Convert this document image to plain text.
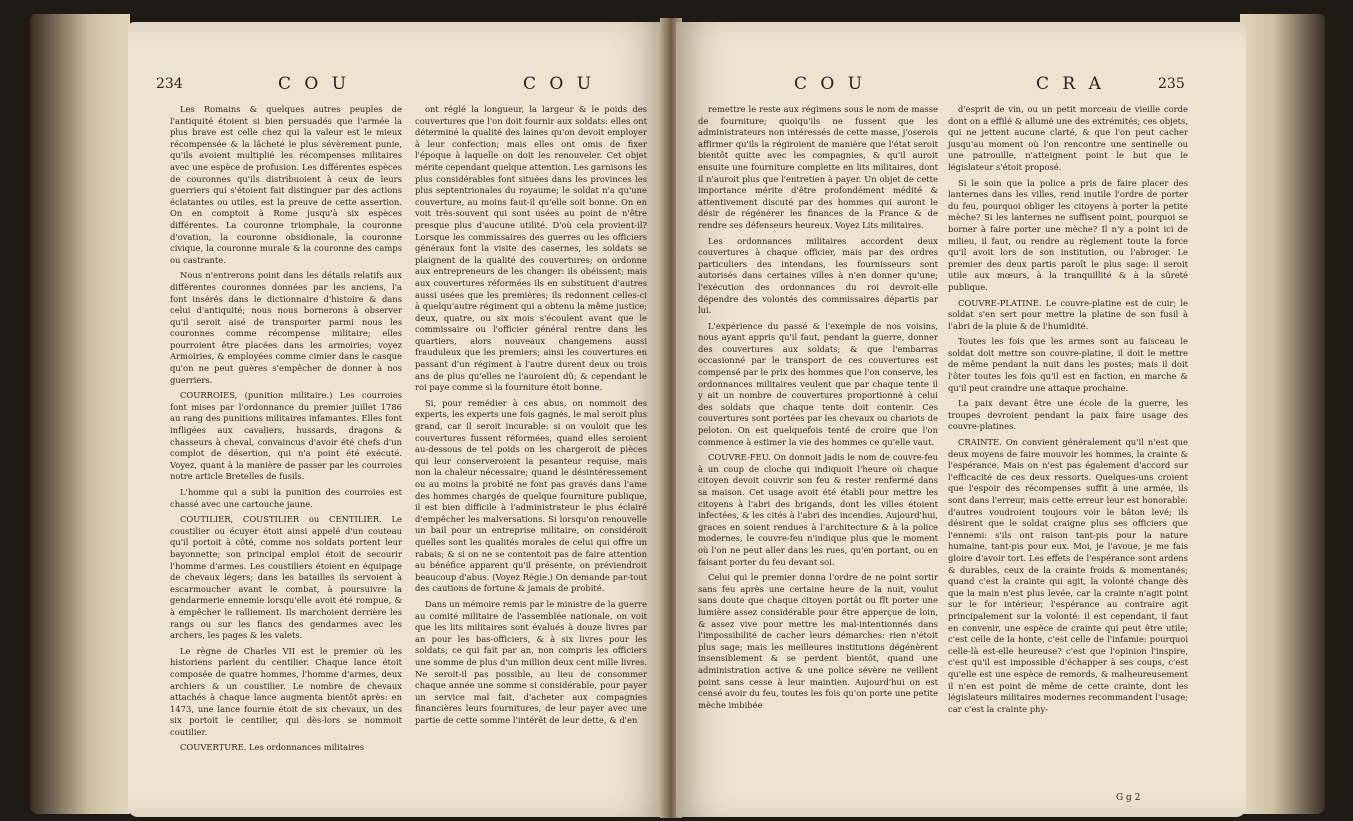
234	C O U	C O U

Les Romains & quelques autres peuples de l'antiquité étoient si bien persuadés que l'armée la plus brave est celle chez qui la valeur est le mieux récompensée & la lâcheté le plus sévèrement punie, qu'ils avoient multiplié les récompenses militaires avec une espèce de profusion. Les différentes espèces de couronnes qu'ils distribuoient à ceux de leurs guerriers qui s'étoient fait distinguer par des actions éclatantes ou utiles, est la preuve de cette assertion. On en comptoit à Rome jusqu'à six espèces différentes. La couronne triomphale, la couronne d'ovation, la couronne obsidionale, la couronne civique, la couronne murale & la couronne des camps ou castrante.

Nous n'entrerons point dans les détails relatifs aux différentes couronnes données par les anciens, l'a font insérés dans le dictionnaire d'histoire & dans celui d'antiquité; nous nous bornerons à observer qu'il seroit aisé de transporter parmi nous les couronnes comme récompense militaire; elles pourroient être placées dans les armoiries; voyez Armoiries, & employées comme cimier dans le casque qu'on ne peut guères s'empêcher de donner à nos guerriers.

COURROIES, (punition militaire.) Les courroies font mises par l'ordonnance du premier juillet 1786 au rang des punitions militaires infamantes. Elles font infligées aux cavaliers, hussards, dragons & chasseurs à cheval, convaincus d'avoir été chefs d'un complot de désertion, qui n'a point été exécuté. Voyez, quant à la manière de passer par les courroies notre article Bretelles de fusils.

L'homme qui a subi la punition des courroies est chassé avec une cartouche jaune.

COUTILIER, COUSTILIER ou CENTILIER. Le coustilier ou écuyer étoit ainsi appelé d'un couteau qu'il portoit à côté, comme nos soldats portent leur bayonnette; son principal emploi étoit de secourir l'homme d'armes. Les coustiliers étoient en équipage de chevaux légers; dans les batailles ils servoient à escarmoucher avant le combat, à poursuivre la gendarmerie ennemie lorsqu'elle avoit été rompue, & à empêcher le ralliement. Ils marchoient derrière les rangs ou sur les flancs des gendarmes avec les archers, les pages & les valets.

Le règne de Charles VII est le premier où les historiens parlent du centilier. Chaque lance étoit composée de quatre hommes, l'homme d'armes, deux archiers & un coustilier. Le nombre de chevaux attachés à chaque lance augmenta bientôt après: en 1473, une lance fournie étoit de six chevaux, un des six portoit le centilier, qui dès-lors se nommoit coutilier.

COUVERTURE. Les ordonnances militaires

ont réglé la longueur, la largeur & le poids des couvertures que l'on doit fournir aux soldats: elles ont déterminé la qualité des laines qu'on devoit employer à leur confection; mais elles ont omis de fixer l'époque à laquelle on doit les renouveler. Cet objet mérite cependant quelque attention. Les garnisons les plus considérables font situées dans les provinces les plus septentrionales du royaume; le soldat n'a qu'une couverture, au moins faut-il qu'elle soit bonne. On en voit très-souvent qui sont usées au point de n'être presque plus d'aucune utilité. D'où cela provient-il? Lorsque les commissaires des guerres ou les officiers généraux font la visite des casernes, les soldats se plaignent de la qualité des couvertures; on ordonne aux entrepreneurs de les changer: ils obéissent; mais aux couvertures réformées ils en substituent d'autres aussi usées que les premières; ils redonnent celles-ci à quelqu'autre régiment qui a obtenu la même justice; deux, quatre, ou six mois s'écoulent avant que le commissaire ou l'officier général rentre dans les quartiers, alors nouveaux changemens aussi frauduleux que les premiers; ainsi les couvertures en passant d'un régiment à l'autre durent deux ou trois ans de plus qu'elles ne l'auroient dû; & cependant le roi paye comme si la fourniture étoit bonne.

Si, pour remédier à ces abus, on nommoit des experts, les experts une fois gagnés, le mal seroit plus grand, car il seroit incurable: si on vouloit que les couvertures fussent réformées, quand elles seroient au-dessous de tel poids on les chargeroit de pièces qui leur conserveroient la pesanteur requise, mais non la chaleur nécessaire; quand le désintéressement ou au moins la probité ne font pas gravés dans l'ame des hommes chargés de quelque fourniture publique, il est bien difficile à l'administrateur le plus éclairé d'empêcher les malversations. Si lorsqu'on renouvelle un bail pour un entreprise militaire, on considéroit quelles sont les qualités morales de celui qui offre un rabais; & si on ne se contentoit pas de faire attention au bénéfice apparent qu'il présente, on préviendroit beaucoup d'abus. (Voyez Régie.) On demande par-tout des cautions de fortune & jamais de probité.

Dans un mémoire remis par le ministre de la guerre au comité militaire de l'assemblée nationale, on voit que les lits militaires sont évalués à douze livres par an pour les bas-officiers, & à six livres pour les soldats; ce qui fait par an, non compris les officiers une somme de plus d'un million deux cent mille livres. Ne seroit-il pas possible, au lieu de consommer chaque année une somme si considérable, pour payer un service mal fait, d'acheter aux compagnies financières leurs fournitures, de leur payer avec une partie de cette somme l'intérêt de leur dette, & d'en

C O U	C R A	235

remettre le reste aux régimens sous le nom de masse de fourniture; quoiqu'ils ne fussent que les administrateurs non intéressés de cette masse, j'oserois affirmer qu'ils la régiroient de manière que l'état seroit bientôt quitte avec les compagnies, & qu'il auroit ensuite une fourniture complette en lits militaires, dont il n'auroit plus que l'entretien à payer. Un objet de cette importance mérite d'être profondément médité & attentivement discuté par des hommes qui auront le désir de régénérer les finances de la France & de rendre ses défenseurs heureux. Voyez Lits militaires.

Les ordonnances militaires accordent deux couvertures à chaque officier, mais par des ordres particuliers des intendans, les fournisseurs sont autorisés dans certaines villes à n'en donner qu'une; l'exécution des ordonnances du roi devroit-elle dépendre des volontés des commissaires départis par lui.

L'expérience du passé & l'exemple de nos voisins, nous ayant appris qu'il faut, pendant la guerre, donner des couvertures aux soldats; & que l'embarras occasionné par le transport de ces couvertures est compensé par le prix des hommes que l'on conserve, les ordonnances militaires veulent que par chaque tente il y ait un nombre de couvertures proportionné à celui des soldats que chaque tente doit contenir. Ces couvertures sont portées par les chevaux ou chariots de peloton. On est quelquefois tenté de croire que l'on commence à estimer la vie des hommes ce qu'elle vaut.

COUVRE-FEU. On donnoit jadis le nom de couvre-feu à un coup de cloche qui indiquoit l'heure où chaque citoyen devoit couvrir son feu & rester renfermé dans sa maison. Cet usage avoit été établi pour mettre les citoyens à l'abri des brigands, dont les villes étoient infectées, & les cités à l'abri des incendies. Aujourd'hui, graces en soient rendues à l'architecture & à la police modernes, le couvre-feu n'indique plus que le moment où l'on ne peut aller dans les rues, qu'en portant, ou en faisant porter du feu devant soi.

Celui qui le premier donna l'ordre de ne point sortir sans feu après une certaine heure de la nuit, voulut sans doute que chaque citoyen portât ou fît porter une lumière assez considérable pour être apperçue de loin, & assez vive pour mettre les mal-intentionnés dans l'impossibilité de cacher leurs démarches: rien n'étoit plus sage; mais les meilleures institutions dégénèrent insensiblement & se perdent bientôt, quand une administration active & une police sévère ne veillent point sans cesse à leur maintien. Aujourd'hui on est censé avoir du feu, toutes les fois qu'on porte une petite mèche imbibée

d'esprit de vin, ou un petit morceau de vieille corde dont on a effilé & allumé une des extrémités; ces objets, qui ne jettent aucune clarté, & que l'on peut cacher jusqu'au moment où l'on rencontre une sentinelle ou une patrouille, n'atteignent point le but que le législateur s'étoit proposé.

Si le soin que la police a pris de faire placer des lanternes dans les villes, rend inutile l'ordre de porter du feu, pourquoi obliger les citoyens à porter la petite mèche? Si les lanternes ne suffisent point, pourquoi se borner à faire porter une mèche? Il n'y a point ici de milieu, il faut, ou rendre au règlement toute la force qu'il avoit lors de son institution, ou l'abroger. Le premier des deux partis paroît le plus sage: il seroit utile aux mœurs, à la tranquillité & à la sûreté publique.

COUVRE-PLATINE. Le couvre-platine est de cuir; le soldat s'en sert pour mettre la platine de son fusil à l'abri de la pluie & de l'humidité.

Toutes les fois que les armes sont au faisceau le soldat doit mettre son couvre-platine, il doit le mettre de même pendant la nuit dans les postes; mais il doit l'ôter toutes les fois qu'il est en faction, en marche & qu'il peut craindre une attaque prochaine.

La paix devant être une école de la guerre, les troupes devroient pendant la paix faire usage des couvre-platines.

CRAINTE. On convient généralement qu'il n'est que deux moyens de faire mouvoir les hommes, la crainte & l'espérance. Mais on n'est pas également d'accord sur l'efficacité de ces deux ressorts. Quelques-uns croient que l'espoir des récompenses suffit à une armée, ils sont dans l'erreur, mais cette erreur leur est honorable: d'autres voudroient toujours voir le bâton levé; ils désirent que le soldat craigne plus ses officiers que l'ennemi: s'ils ont raison tant-pis pour la nature humaine, tant-pis pour eux. Moi, je l'avoue, je me fais gloire d'avoir tort. Les effets de l'espérance sont ardens & durables, ceux de la crainte froids & momentanés; quand c'est la crainte qui agit, la volonté change dès que la main n'est plus levée, car la crainte n'agit point sur le for intérieur, l'espérance au contraire agit principalement sur la volonté: il est cependant, il faut en convenir, une espèce de crainte qui peut être utile; c'est celle de la honte, c'est celle de l'infamie: pourquoi celle-là est-elle heureuse? c'est que l'opinion l'inspire, c'est qu'il est impossible d'échapper à ses coups, c'est qu'elle est une espèce de remords, & malheureusement il n'en est point de même de cette crainte, dont les législateurs militaires modernes recommandent l'usage; car c'est la crainte phy-

G g 2
